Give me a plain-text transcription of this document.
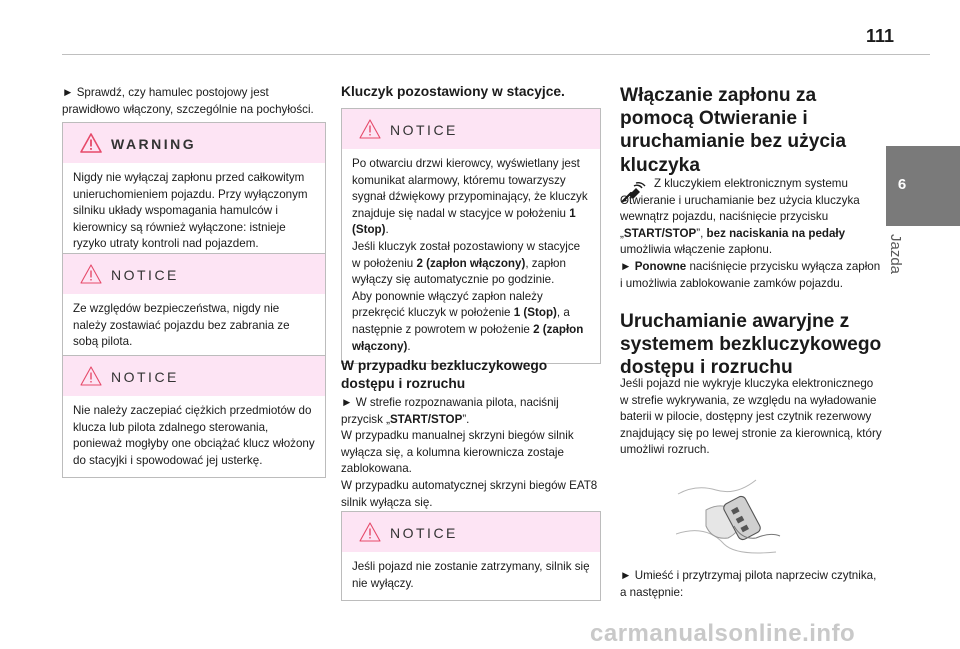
111
6
Jazda
► Sprawdź, czy hamulec postojowy jest prawidłowo włączony, szczególnie na pochyłości.
WARNING
Nigdy nie wyłączaj zapłonu przed całkowitym unieruchomieniem pojazdu. Przy wyłączonym silniku układy wspomagania hamulców i kierownicy są również wyłączone: istnieje ryzyko utraty kontroli nad pojazdem.
NOTICE
Ze względów bezpieczeństwa, nigdy nie należy zostawiać pojazdu bez zabrania ze sobą pilota.
NOTICE
Nie należy zaczepiać ciężkich przedmiotów do klucza lub pilota zdalnego sterowania, ponieważ mogłyby one obciążać klucz włożony do stacyjki i spowodować jej usterkę.
Kluczyk pozostawiony w stacyjce.
NOTICE

Po otwarciu drzwi kierowcy, wyświetlany jest komunikat alarmowy, któremu towarzyszy sygnał dźwiękowy przypominający, że kluczyk znajduje się nadal w stacyjce w położeniu 1 (Stop).

Jeśli kluczyk został pozostawiony w stacyjce w położeniu 2 (zapłon włączony), zapłon wyłączy się automatycznie po godzinie.

Aby ponownie włączyć zapłon należy przekręcić kluczyk w położenie 1 (Stop), a następnie z powrotem w położenie 2 (zapłon włączony).

W przypadku bezkluczykowego dostępu i rozruchu

► W strefie rozpoznawania pilota, naciśnij przycisk „START/STOP”.

W przypadku manualnej skrzyni biegów silnik wyłącza się, a kolumna kierownicza zostaje zablokowana.

W przypadku automatycznej skrzyni biegów EAT8 silnik wyłącza się.

NOTICE
Jeśli pojazd nie zostanie zatrzymany, silnik się nie wyłączy.
Włączanie zapłonu za pomocą Otwieranie i uruchamianie bez użycia kluczyka

Z kluczykiem elektronicznym systemu Otwieranie i uruchamianie bez użycia kluczyka wewnątrz pojazdu, naciśnięcie przycisku „START/STOP”, bez naciskania na pedały umożliwia włączenie zapłonu.

► Ponowne naciśnięcie przycisku wyłącza zapłon i umożliwia zablokowanie zamków pojazdu.

Uruchamianie awaryjne z systemem bezkluczykowego dostępu i rozruchu
Jeśli pojazd nie wykryje kluczyka elektronicznego w strefie wykrywania, ze względu na wyładowanie baterii w pilocie, dostępny jest czytnik rezerwowy znajdujący się po lewej stronie za kierownicą, który umożliwi rozruch.
► Umieść i przytrzymaj pilota naprzeciw czytnika, a następnie:
carmanualsonline.info
